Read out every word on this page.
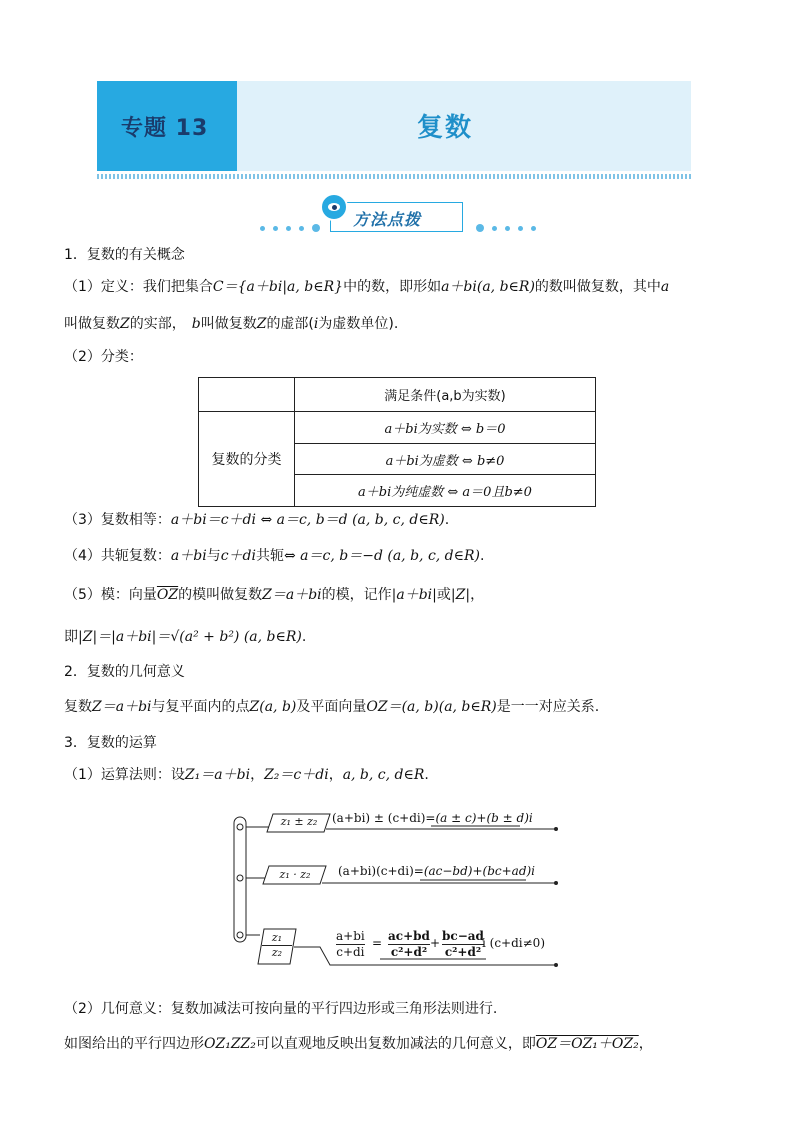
专题 13	复数
方法点拨
1．复数的有关概念
（1）定义：我们把集合C＝{a＋bi|a, b∈R}中的数，即形如a＋bi(a, b∈R)的数叫做复数，其中a
叫做复数Z的实部， b叫做复数Z的虚部(i为虚数单位).
（2）分类：
	满足条件(a,b为实数)
复数的分类	a＋bi为实数 ⇔ b＝0
	a＋bi为虚数 ⇔ b≠0
	a＋bi为纯虚数 ⇔ a＝0且b≠0
（3）复数相等：a＋bi＝c＋di ⇔ a＝c, b＝d (a, b, c, d∈R).
（4）共轭复数：a＋bi与c＋di共轭⇔ a＝c, b＝−d (a, b, c, d∈R).
（5）模：向量$\overline{OZ}$的模叫做复数Z＝a＋bi的模，记作|a＋bi|或|Z|，
即|Z|＝|a＋bi|＝√(a² + b²) (a, b∈R).
2．复数的几何意义
复数Z＝a＋bi与复平面内的点Z(a, b)及平面向量OZ＝(a, b)(a, b∈R)是一一对应关系.
3．复数的运算
（1）运算法则：设Z₁＝a＋bi，Z₂＝c＋di，a, b, c, d∈R.
z₁ ± z₂	(a+bi) ± (c+di)=(a ± c)+(b ± d)i
z₁ · z₂	(a+bi)(c+di)=(ac−bd)+(bc+ad)i
z₁
z₂
a+bi
c+di
= ac+bd
c²+d²
+ bc−ad
c²+d²
i (c+di≠0)
（2）几何意义：复数加减法可按向量的平行四边形或三角形法则进行.
如图给出的平行四边形OZ₁ZZ₂可以直观地反映出复数加减法的几何意义，即OZ＝OZ₁＋OZ₂，
